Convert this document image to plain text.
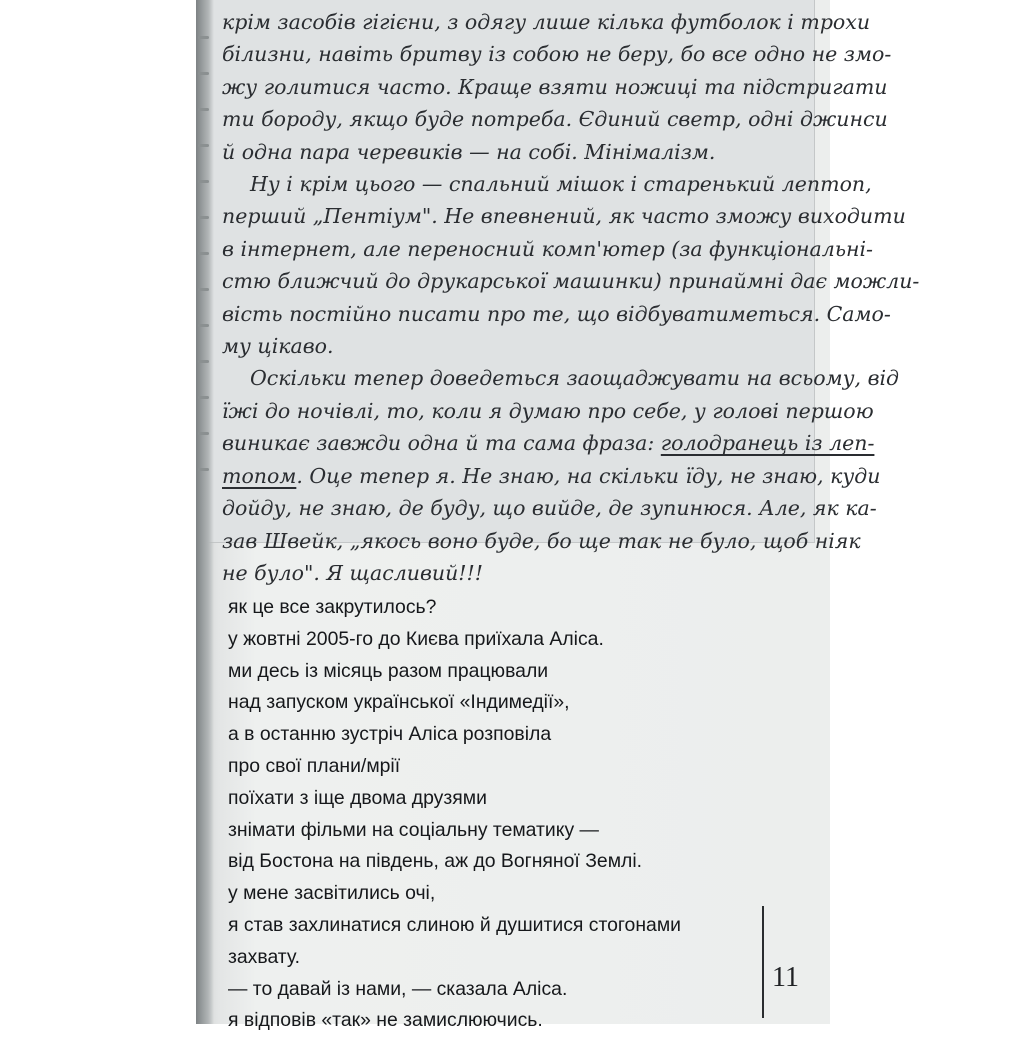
крім засобів гігієни, з одягу лише кілька футболок і трохи
білизни, навіть бритву із собою не беру, бо все одно не змо-
жу голитися часто. Краще взяти ножиці та підстригати
ти бороду, якщо буде потреба. Єдиний светр, одні джинси
й одна пара черевиків — на собі. Мінімалізм.
Ну і крім цього — спальний мішок і старенький лептоп,
перший „Пентіум". Не впевнений, як часто зможу виходити
в інтернет, але переносний комп'ютер (за функціональні-
стю ближчий до друкарської машинки) принаймні дає можли-
вість постійно писати про те, що відбуватиметься. Само-
му цікаво.
Оскільки тепер доведеться заощаджувати на всьому, від
їжі до ночівлі, то, коли я думаю про себе, у голові першою
виникає завжди одна й та сама фраза: голодранець із леп-
топом. Оце тепер я. Не знаю, на скільки їду, не знаю, куди
дойду, не знаю, де буду, що вийде, де зупинюся. Але, як ка-
зав Швейк, „якось воно буде, бо ще так не було, щоб ніяк
не було". Я щасливий!!!
як це все закрутилось?
у жовтні 2005-го до Києва приїхала Аліса.
ми десь із місяць разом працювали
над запуском української «Індимедії»,
а в останню зустріч Аліса розповіла
про свої плани/мрії
поїхати з іще двома друзями
знімати фільми на соціальну тематику —
від Бостона на південь, аж до Вогняної Землі.
у мене засвітились очі,
я став захлинатися слиною й душитися стогонами
захвату.
— то давай із нами, — сказала Аліса.
я відповів «так» не замислюючись.
11
